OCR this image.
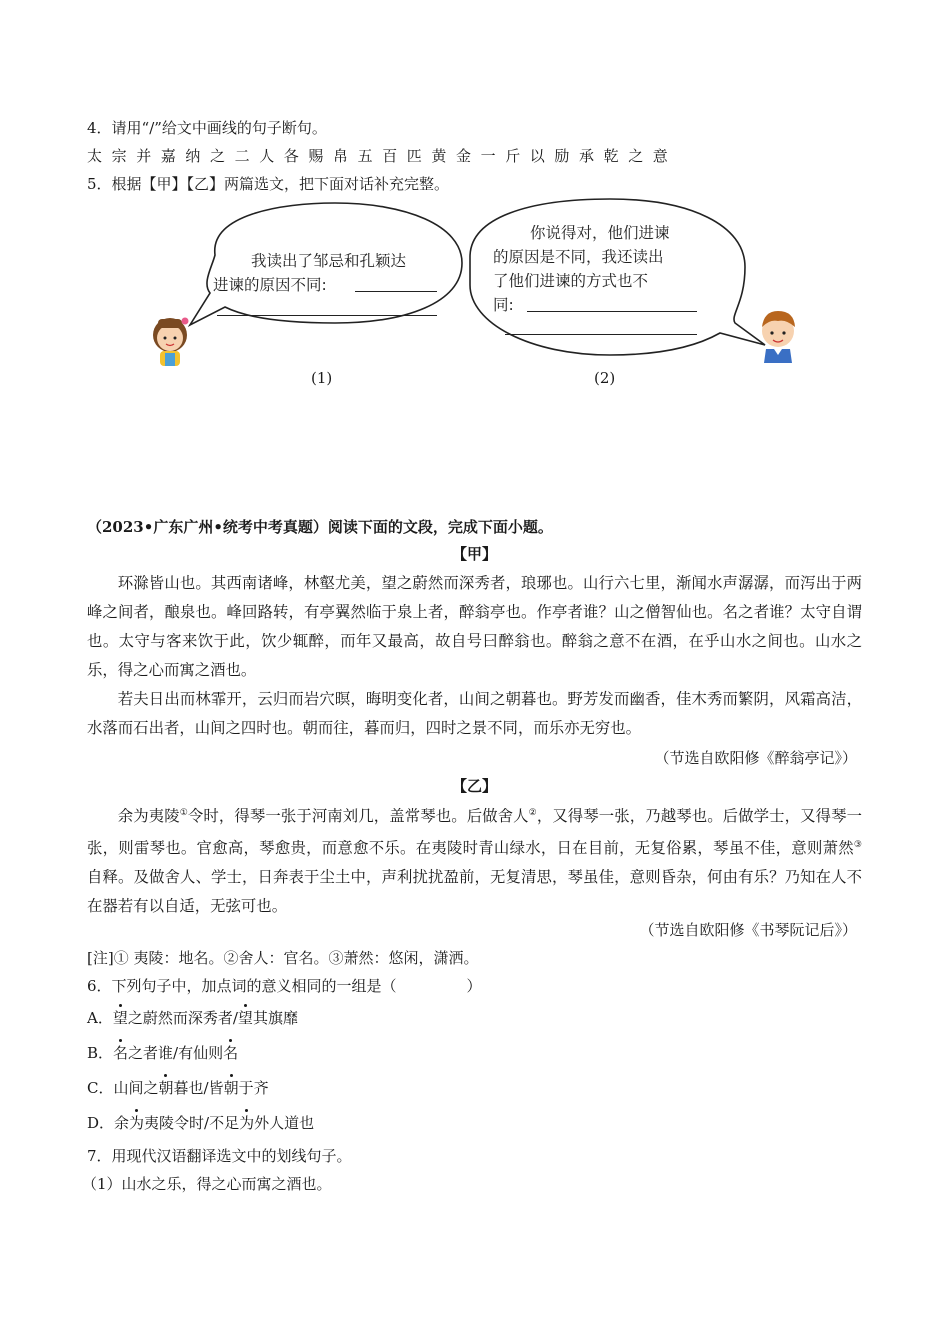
4．请用“/”给文中画线的句子断句。
太宗并嘉纳之二人各赐帛五百匹黄金一斤以励承乾之意
5．根据【甲】【乙】两篇选文，把下面对话补充完整。
我读出了邹忌和孔颖达
进谏的原因不同:
你说得对，他们进谏
的原因是不同，我还读出
了他们进谏的方式也不
同:
(1)	(2)
（2023•广东广州•统考中考真题）阅读下面的文段，完成下面小题。
【甲】
环滁皆山也。其西南诸峰，林壑尤美，望之蔚然而深秀者，琅琊也。山行六七里，渐闻水声潺潺，而泻出于两峰之间者，酿泉也。峰回路转，有亭翼然临于泉上者，醉翁亭也。作亭者谁？山之僧智仙也。名之者谁？太守自谓也。太守与客来饮于此，饮少辄醉，而年又最高，故自号曰醉翁也。醉翁之意不在酒，在乎山水之间也。山水之乐，得之心而寓之酒也。
若夫日出而林霏开，云归而岩穴暝，晦明变化者，山间之朝暮也。野芳发而幽香，佳木秀而繁阴，风霜高洁，水落而石出者，山间之四时也。朝而往，暮而归，四时之景不同，而乐亦无穷也。
（节选自欧阳修《醉翁亭记》）
【乙】
余为夷陵①令时，得琴一张于河南刘几，盖常琴也。后做舍人②，又得琴一张，乃越琴也。后做学士，又得琴一张，则雷琴也。官愈高，琴愈贵，而意愈不乐。在夷陵时青山绿水，日在目前，无复俗累，琴虽不佳，意则萧然③自释。及做舍人、学士，日奔表于尘土中，声利扰扰盈前，无复清思，琴虽佳，意则昏杂，何由有乐？乃知在人不在器若有以自适，无弦可也。
（节选自欧阳修《书琴阮记后》）
[注]① 夷陵：地名。②舍人：官名。③萧然：悠闲，潇洒。
6．下列句子中，加点词的意义相同的一组是（	）
A．望之蔚然而深秀者/望其旗靡
B．名之者谁/有仙则名
C．山间之朝暮也/皆朝于齐
D．余为夷陵令时/不足为外人道也
7．用现代汉语翻译选文中的划线句子。
（1）山水之乐，得之心而寓之酒也。
